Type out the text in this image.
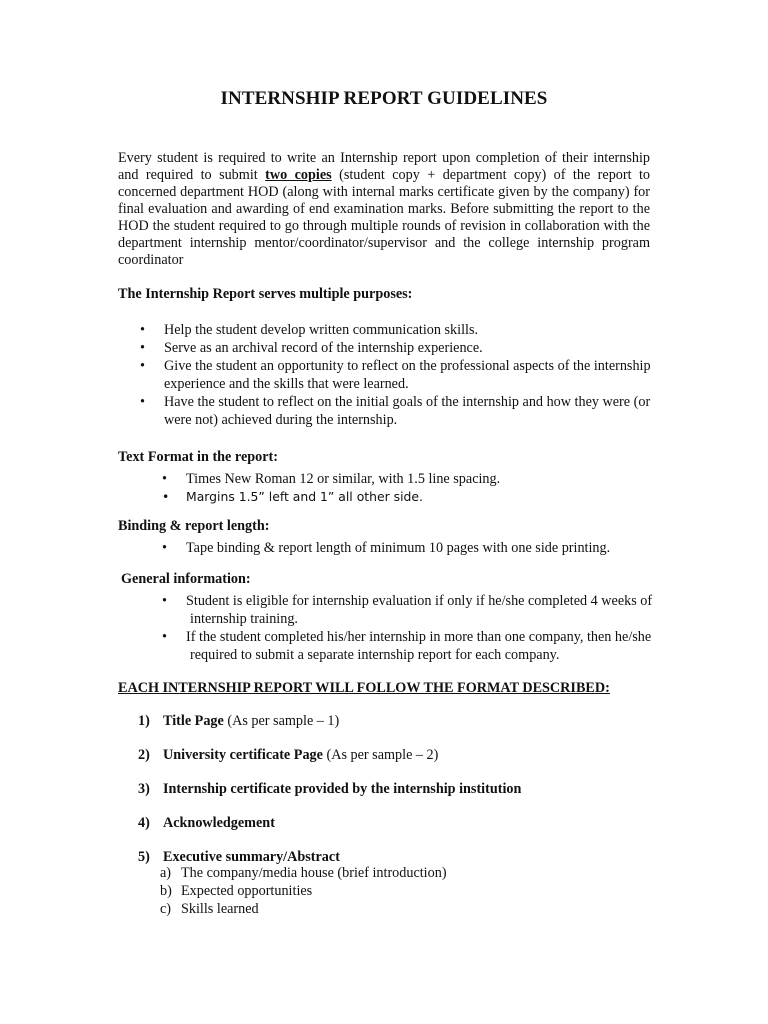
INTERNSHIP REPORT GUIDELINES
Every student is required to write an Internship report upon completion of their internship and required to submit two copies (student copy + department copy) of the report to concerned department HOD (along with internal marks certificate given by the company) for final evaluation and awarding of end examination marks. Before submitting the report to the HOD the student required to go through multiple rounds of revision in collaboration with the department internship mentor/coordinator/supervisor and the college internship program coordinator
The Internship Report serves multiple purposes:
• Help the student develop written communication skills.
• Serve as an archival record of the internship experience.
• Give the student an opportunity to reflect on the professional aspects of the internship experience and the skills that were learned.
• Have the student to reflect on the initial goals of the internship and how they were (or were not) achieved during the internship.
Text Format in the report:
• Times New Roman 12 or similar, with 1.5 line spacing.
• Margins 1.5” left and 1” all other side.
Binding & report length:
• Tape binding & report length of minimum 10 pages with one side printing.
General information:
• Student is eligible for internship evaluation if only if he/she completed 4 weeks of
internship training.
• If the student completed his/her internship in more than one company, then he/she
required to submit a separate internship report for each company.
EACH INTERNSHIP REPORT WILL FOLLOW THE FORMAT DESCRIBED:
1) Title Page (As per sample – 1)
2) University certificate Page (As per sample – 2)
3) Internship certificate provided by the internship institution
4) Acknowledgement
5) Executive summary/Abstract
a) The company/media house (brief introduction)
b) Expected opportunities
c) Skills learned
